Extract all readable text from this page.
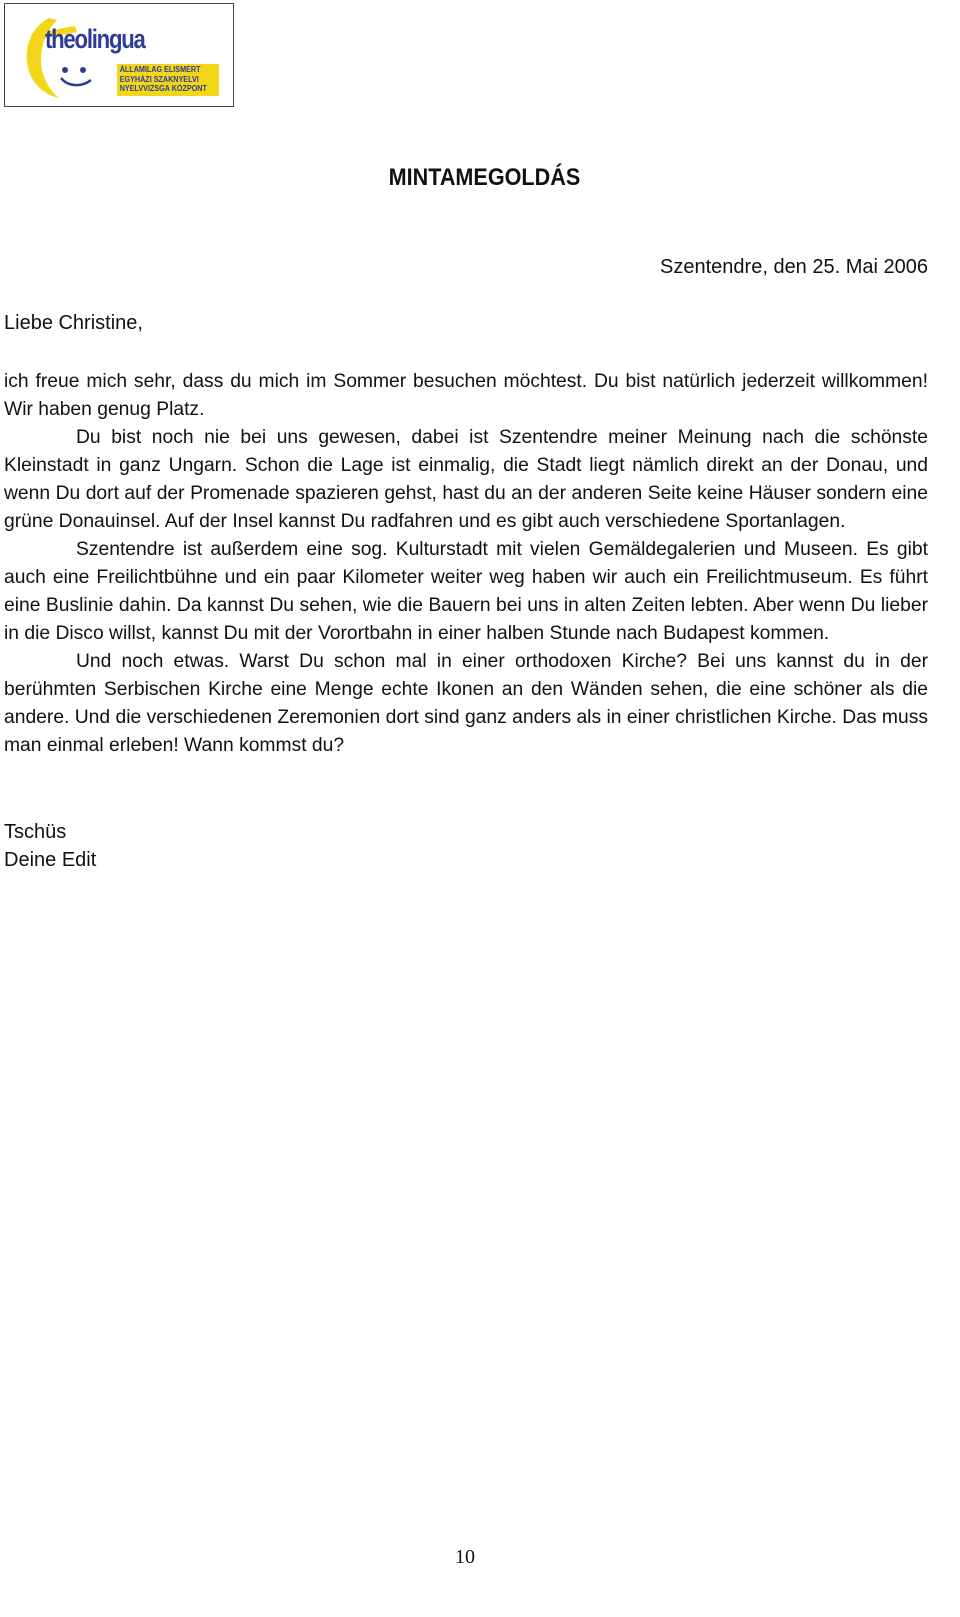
theolingua
ÁLLAMILAG ELISMERT
EGYHÁZI SZAKNYELVI
NYELVVIZSGA KÖZPONT
MINTAMEGOLDÁS
Szentendre, den 25. Mai 2006
Liebe Christine,

ich freue mich sehr, dass du mich im Sommer besuchen möchtest. Du bist natürlich jederzeit willkommen! Wir haben genug Platz.

Du bist noch nie bei uns gewesen, dabei ist Szentendre meiner Meinung nach die schönste Kleinstadt in ganz Ungarn. Schon die Lage ist einmalig, die Stadt liegt nämlich direkt an der Donau, und wenn Du dort auf der Promenade spazieren gehst, hast du an der anderen Seite keine Häuser sondern eine grüne Donauinsel. Auf der Insel kannst Du radfahren und es gibt auch verschiedene Sportanlagen.

Szentendre ist außerdem eine sog. Kulturstadt mit vielen Gemäldegalerien und Museen. Es gibt auch eine Freilichtbühne und ein paar Kilometer weiter weg haben wir auch ein Freilichtmuseum. Es führt eine Buslinie dahin. Da kannst Du sehen, wie die Bauern bei uns in alten Zeiten lebten. Aber wenn Du lieber in die Disco willst, kannst Du mit der Vorortbahn in einer halben Stunde nach Budapest kommen.

Und noch etwas. Warst Du schon mal in einer orthodoxen Kirche? Bei uns kannst du in der berühmten Serbischen Kirche eine Menge echte Ikonen an den Wänden sehen, die eine schöner als die andere. Und die verschiedenen Zeremonien dort sind ganz anders als in einer christlichen Kirche. Das muss man einmal erleben! Wann kommst du?

Tschüs
Deine Edit
10
